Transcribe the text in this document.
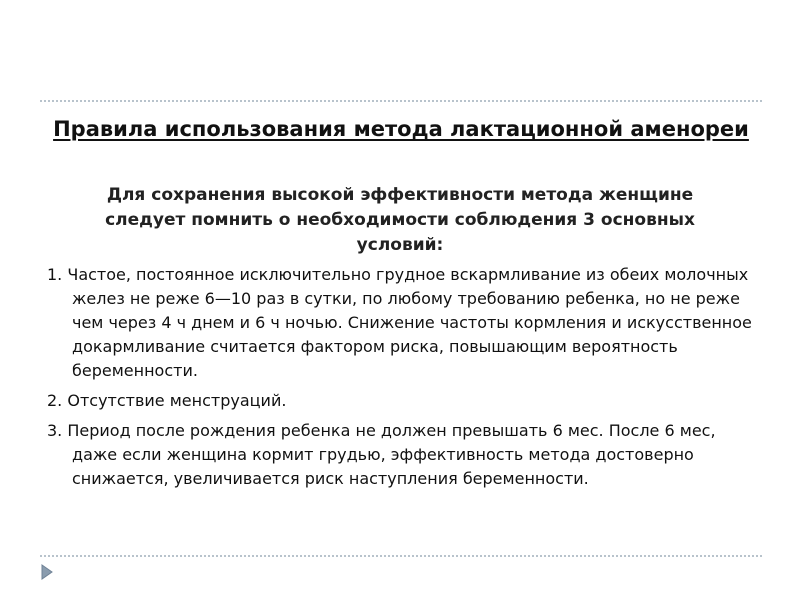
Правила использования метода лактационной аменореи

Для сохранения высокой эффективности метода женщине следует помнить о необходимости соблюдения 3 основных условий:

1. Частое, постоянное исключительно грудное вскармливание из обеих молочных желез не реже 6—10 раз в сутки, по любому требованию ребенка, но не реже чем через 4 ч днем и 6 ч ночью. Снижение частоты кормления и искусственное докармливание считается фактором риска, повышающим вероятность беременности.
2. Отсутствие менструаций.
3. Период после рождения ребенка не должен превышать 6 мес. После 6 мес, даже если женщина кормит грудью, эффективность метода достоверно снижается, увеличивается риск наступления беременности.
